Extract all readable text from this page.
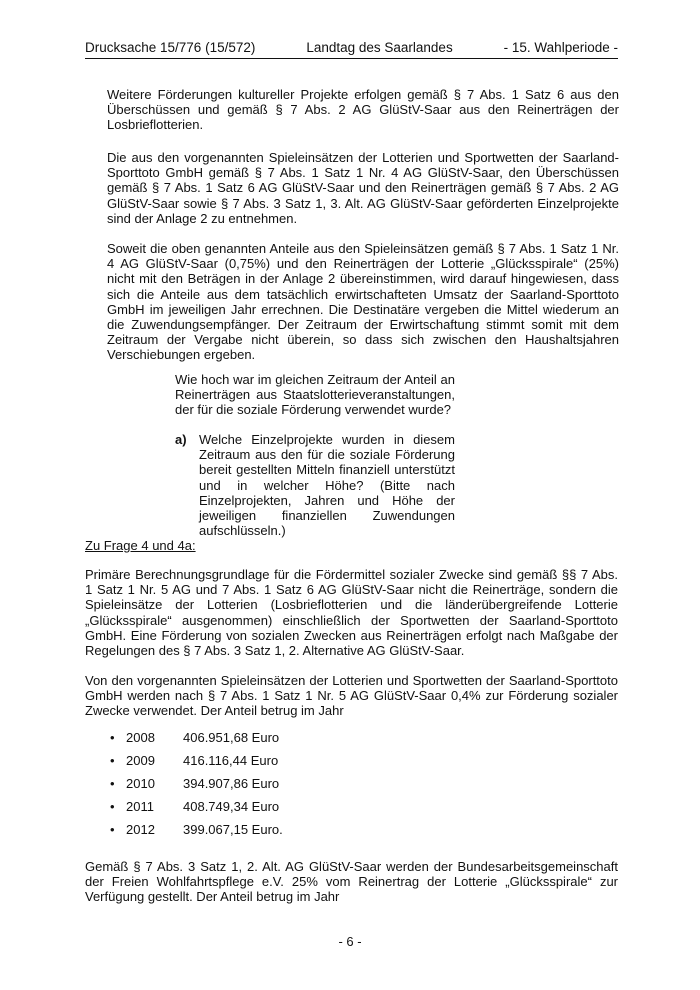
Drucksache 15/776 (15/572)	Landtag des Saarlandes	- 15. Wahlperiode -

Weitere Förderungen kultureller Projekte erfolgen gemäß § 7 Abs. 1 Satz 6 aus den Überschüssen und gemäß § 7 Abs. 2 AG GlüStV-Saar aus den Reinerträgen der Losbrieflotterien.

Die aus den vorgenannten Spieleinsätzen der Lotterien und Sportwetten der Saarland-Sporttoto GmbH gemäß § 7 Abs. 1 Satz 1 Nr. 4 AG GlüStV-Saar, den Überschüssen gemäß § 7 Abs. 1 Satz 6 AG GlüStV-Saar und den Reinerträgen gemäß § 7 Abs. 2 AG GlüStV-Saar sowie § 7 Abs. 3 Satz 1, 3. Alt. AG GlüStV-Saar geförderten Einzelprojekte sind der Anlage 2 zu entnehmen.

Soweit die oben genannten Anteile aus den Spieleinsätzen gemäß § 7 Abs. 1 Satz 1 Nr. 4 AG GlüStV-Saar (0,75%) und den Reinerträgen der Lotterie „Glücksspirale“ (25%) nicht mit den Beträgen in der Anlage 2 übereinstimmen, wird darauf hingewiesen, dass sich die Anteile aus dem tatsächlich erwirtschafteten Umsatz der Saarland-Sporttoto GmbH im jeweiligen Jahr errechnen. Die Destinatäre vergeben die Mittel wiederum an die Zuwendungsempfänger. Der Zeitraum der Erwirtschaftung stimmt somit mit dem Zeitraum der Vergabe nicht überein, so dass sich zwischen den Haushaltsjahren Verschiebungen ergeben.

Wie hoch war im gleichen Zeitraum der Anteil an Reinerträgen aus Staatslotterieveranstaltungen, der für die soziale Förderung verwendet wurde?

a) Welche Einzelprojekte wurden in diesem Zeitraum aus den für die soziale Förderung bereit gestellten Mitteln finanziell unterstützt und in welcher Höhe? (Bitte nach Einzelprojekten, Jahren und Höhe der jeweiligen finanziellen Zuwendungen aufschlüsseln.)

Zu Frage 4 und 4a:

Primäre Berechnungsgrundlage für die Fördermittel sozialer Zwecke sind gemäß §§ 7 Abs. 1 Satz 1 Nr. 5 AG und 7 Abs. 1 Satz 6 AG GlüStV-Saar nicht die Reinerträge, sondern die Spieleinsätze der Lotterien (Losbrieflotterien und die länderübergreifende Lotterie „Glücksspirale“ ausgenommen) einschließlich der Sportwetten der Saarland-Sporttoto GmbH. Eine Förderung von sozialen Zwecken aus Reinerträgen erfolgt nach Maßgabe der Regelungen des § 7 Abs. 3 Satz 1, 2. Alternative AG GlüStV-Saar.

Von den vorgenannten Spieleinsätzen der Lotterien und Sportwetten der Saarland-Sporttoto GmbH werden nach § 7 Abs. 1 Satz 1 Nr. 5 AG GlüStV-Saar 0,4% zur Förderung sozialer Zwecke verwendet. Der Anteil betrug im Jahr

• 2008	406.951,68 Euro
• 2009	416.116,44 Euro
• 2010	394.907,86 Euro
• 2011	408.749,34 Euro
• 2012	399.067,15 Euro.

Gemäß § 7 Abs. 3 Satz 1, 2. Alt. AG GlüStV-Saar werden der Bundesarbeitsgemeinschaft der Freien Wohlfahrtspflege e.V. 25% vom Reinertrag der Lotterie „Glücksspirale“ zur Verfügung gestellt. Der Anteil betrug im Jahr

- 6 -
